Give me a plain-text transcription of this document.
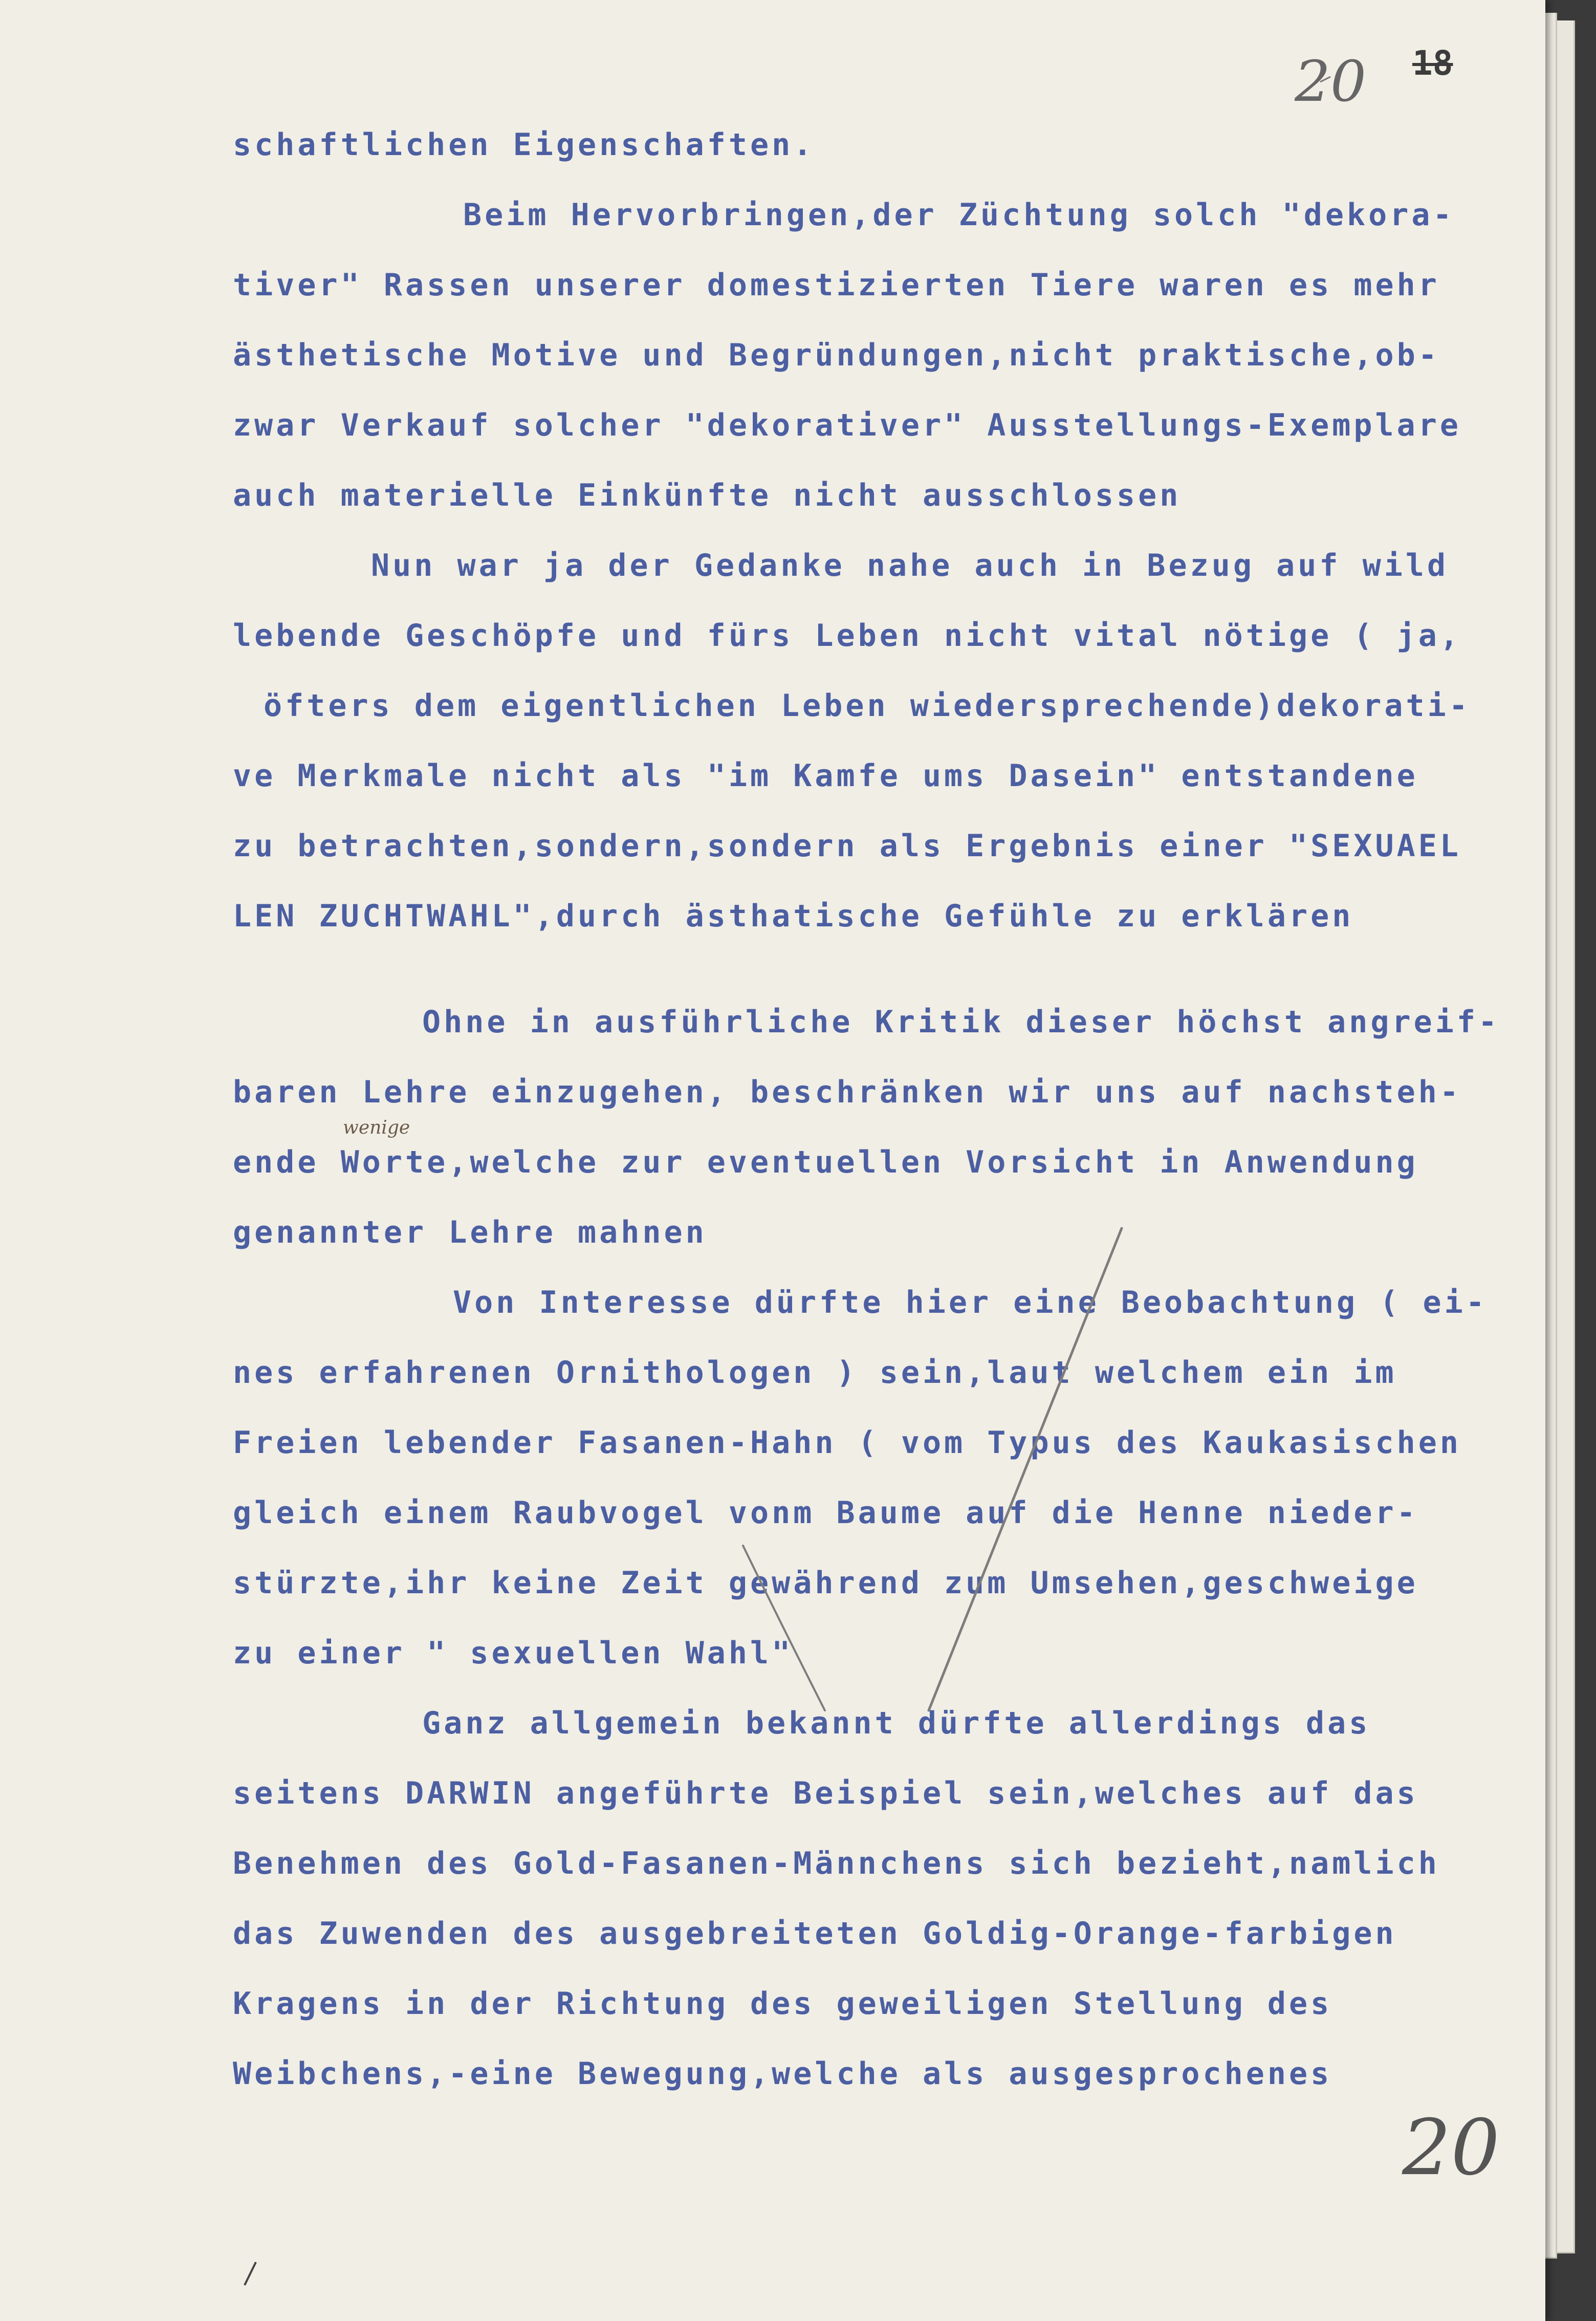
20 18
wenige
schaftlichen Eigenschaften.
Beim Hervorbringen,der Züchtung solch "dekora-
tiver" Rassen unserer domestizierten Tiere waren es mehr
ästhetische Motive und Begründungen,nicht praktische,ob-
zwar Verkauf solcher "dekorativer" Ausstellungs-Exemplare
auch materielle Einkünfte nicht ausschlossen
Nun war ja der Gedanke nahe auch in Bezug auf wild
lebende Geschöpfe und fürs Leben nicht vital nötige ( ja,
öfters dem eigentlichen Leben wiedersprechende)dekorati-
ve Merkmale nicht als "im Kamfe ums Dasein" entstandene
zu betrachten,sondern,sondern als Ergebnis einer "SEXUAEL
LEN ZUCHTWAHL",durch ästhatische Gefühle zu erklären
Ohne in ausführliche Kritik dieser höchst angreif-
baren Lehre einzugehen, beschränken wir uns auf nachsteh-
ende Worte,welche zur eventuellen Vorsicht in Anwendung
genannter Lehre mahnen
Von Interesse dürfte hier eine Beobachtung ( ei-
nes erfahrenen Ornithologen ) sein,laut welchem ein im
Freien lebender Fasanen-Hahn ( vom Typus des Kaukasischen
gleich einem Raubvogel vonm Baume auf die Henne nieder-
stürzte,ihr keine Zeit gewährend zum Umsehen,geschweige
zu einer " sexuellen Wahl"
Ganz allgemein bekannt dürfte allerdings das
seitens DARWIN angeführte Beispiel sein,welches auf das
Benehmen des Gold-Fasanen-Männchens sich bezieht,namlich
das Zuwenden des ausgebreiteten Goldig-Orange-farbigen
Kragens in der Richtung des geweiligen Stellung des
Weibchens,-eine Bewegung,welche als ausgesprochenes
20
